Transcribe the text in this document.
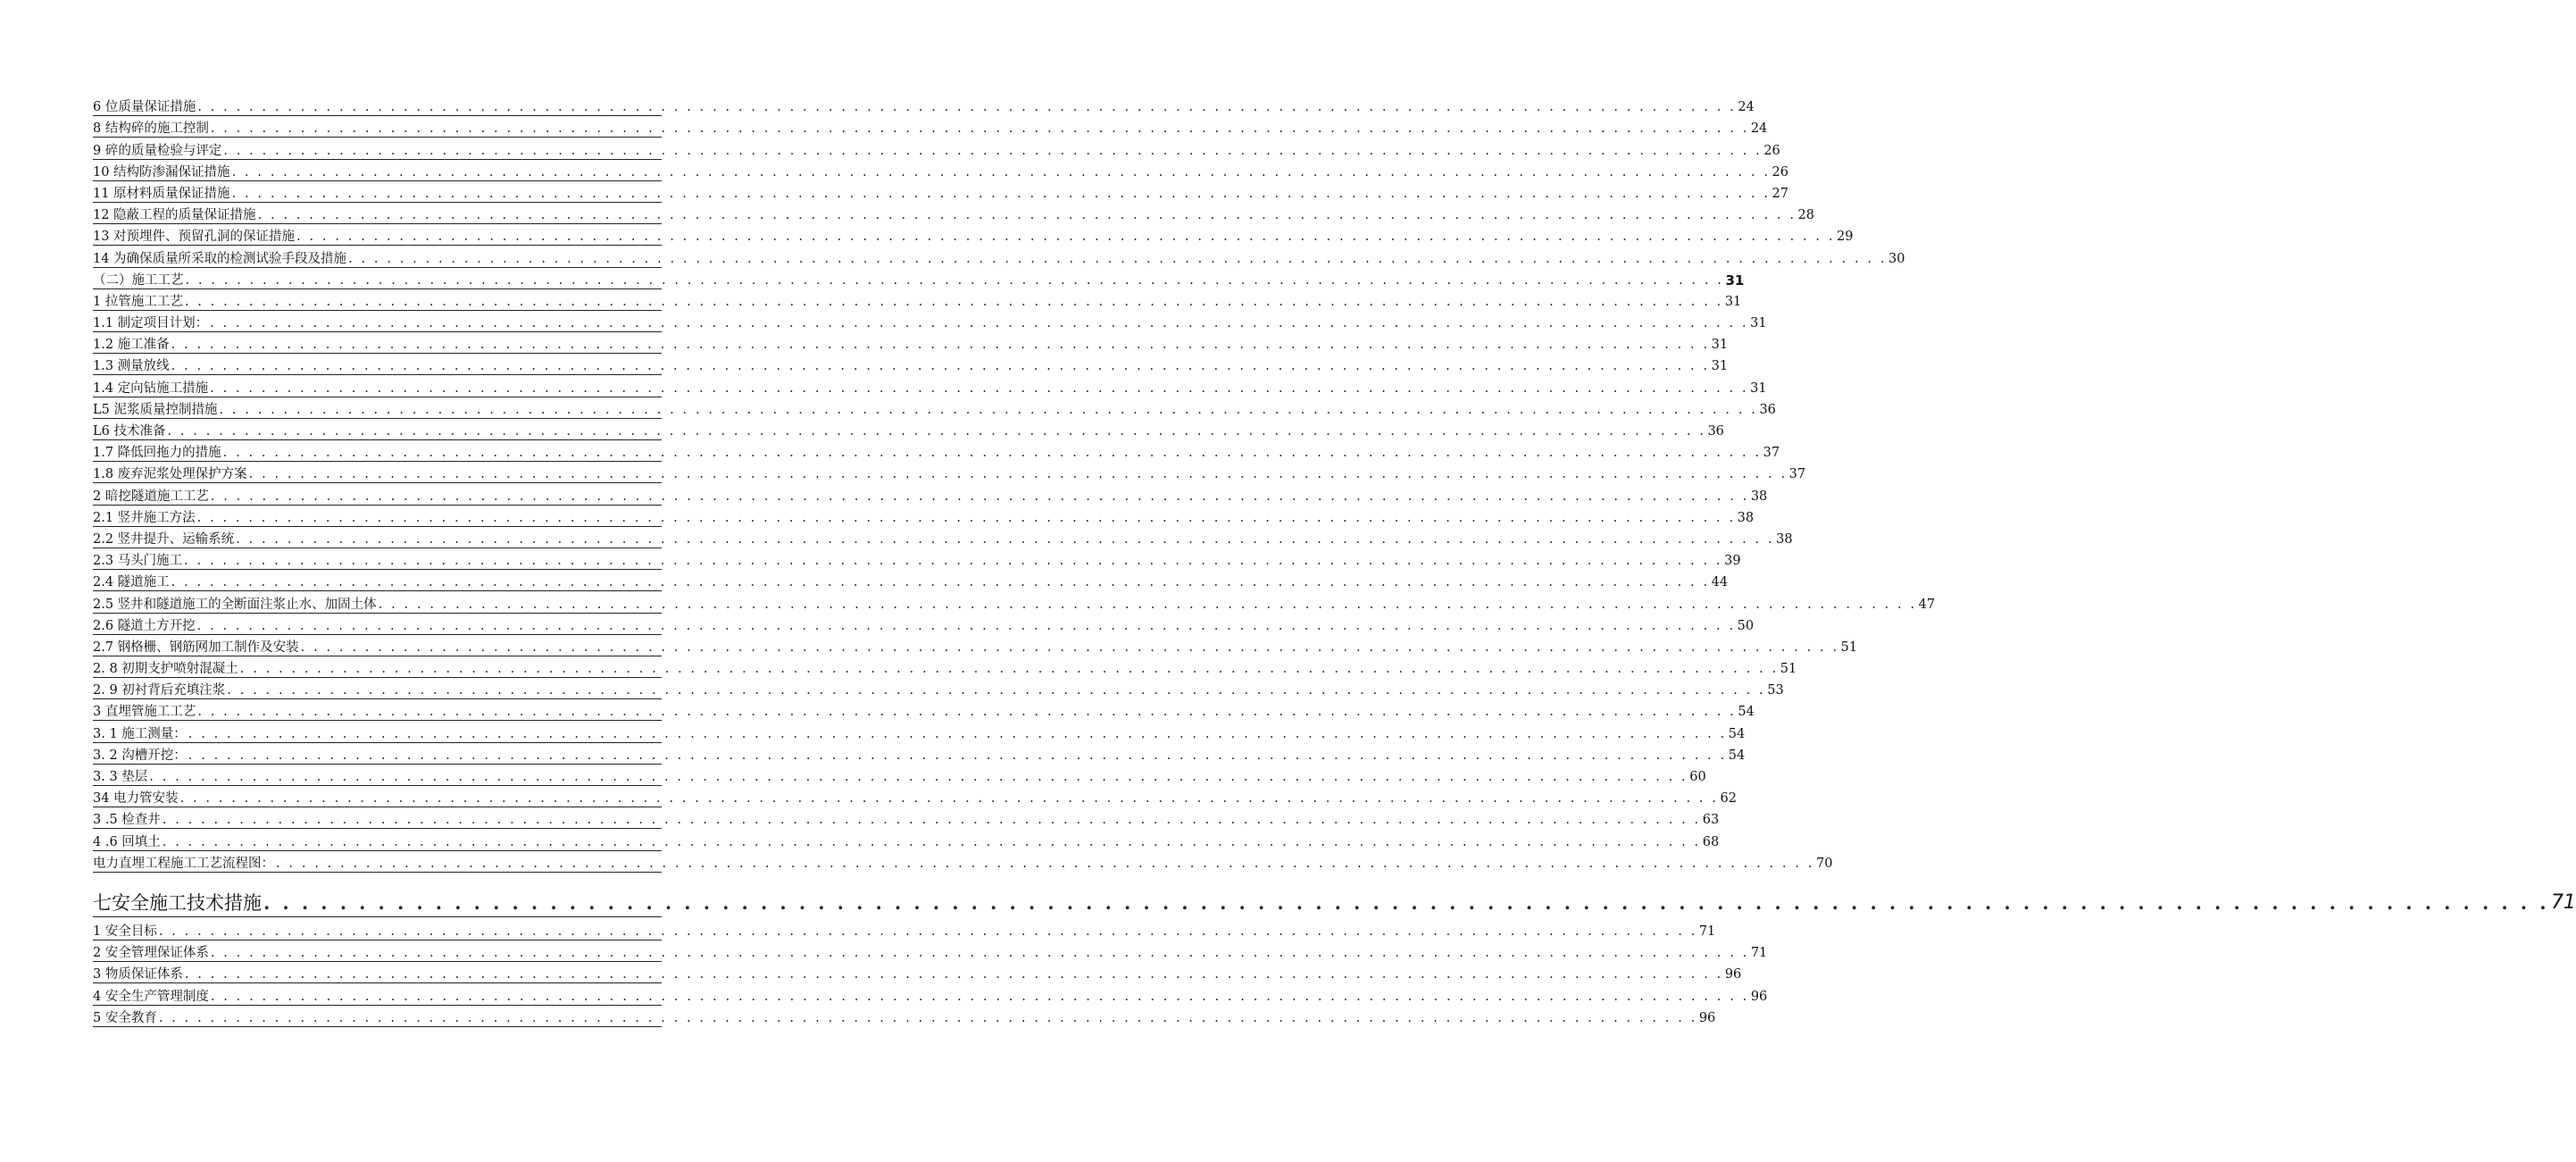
6 位质量保证措施 . . . . . . . . . . . . . . . . . . . . . . . . . . . . . . . . . . . . . . . . . . . . . . . . . . . . . . . . . . . . . . . . . . . . . . . . . . . . . . . . . . . . . . . . . . . . . . . . . . . . . . . . . . . . . . . . . . . . . . . . 24
8 结构碎的施工控制 . . . . . . . . . . . . . . . . . . . . . . . . . . . . . . . . . . . . . . . . . . . . . . . . . . . . . . . . . . . . . . . . . . . . . . . . . . . . . . . . . . . . . . . . . . . . . . . . . . . . . . . . . . . . . . . . . . . . . . . . 24
9 碎的质量检验与评定 . . . . . . . . . . . . . . . . . . . . . . . . . . . . . . . . . . . . . . . . . . . . . . . . . . . . . . . . . . . . . . . . . . . . . . . . . . . . . . . . . . . . . . . . . . . . . . . . . . . . . . . . . . . . . . . . . . . . . . . . 26
10 结构防渗漏保证措施 . . . . . . . . . . . . . . . . . . . . . . . . . . . . . . . . . . . . . . . . . . . . . . . . . . . . . . . . . . . . . . . . . . . . . . . . . . . . . . . . . . . . . . . . . . . . . . . . . . . . . . . . . . . . . . . . . . . . . . . . 26
11 原材料质量保证措施 . . . . . . . . . . . . . . . . . . . . . . . . . . . . . . . . . . . . . . . . . . . . . . . . . . . . . . . . . . . . . . . . . . . . . . . . . . . . . . . . . . . . . . . . . . . . . . . . . . . . . . . . . . . . . . . . . . . . . . . . 27
12 隐蔽工程的质量保证措施 . . . . . . . . . . . . . . . . . . . . . . . . . . . . . . . . . . . . . . . . . . . . . . . . . . . . . . . . . . . . . . . . . . . . . . . . . . . . . . . . . . . . . . . . . . . . . . . . . . . . . . . . . . . . . . . . . . . . . . . . 28
13 对预埋件、预留孔洞的保证措施 . . . . . . . . . . . . . . . . . . . . . . . . . . . . . . . . . . . . . . . . . . . . . . . . . . . . . . . . . . . . . . . . . . . . . . . . . . . . . . . . . . . . . . . . . . . . . . . . . . . . . . . . . . . . . . . . . . . . . . . . 29
14 为确保质量所采取的检测试验手段及措施 . . . . . . . . . . . . . . . . . . . . . . . . . . . . . . . . . . . . . . . . . . . . . . . . . . . . . . . . . . . . . . . . . . . . . . . . . . . . . . . . . . . . . . . . . . . . . . . . . . . . . . . . . . . . . . . . . . . . . . . . 30
（二）施工工艺 . . . . . . . . . . . . . . . . . . . . . . . . . . . . . . . . . . . . . . . . . . . . . . . . . . . . . . . . . . . . . . . . . . . . . . . . . . . . . . . . . . . . . . . . . . . . . . . . . . . . . . . . . . . . . . . . . . . . . . . . 31
1 拉管施工工艺 . . . . . . . . . . . . . . . . . . . . . . . . . . . . . . . . . . . . . . . . . . . . . . . . . . . . . . . . . . . . . . . . . . . . . . . . . . . . . . . . . . . . . . . . . . . . . . . . . . . . . . . . . . . . . . . . . . . . . . . . 31
1.1 制定项目计划： . . . . . . . . . . . . . . . . . . . . . . . . . . . . . . . . . . . . . . . . . . . . . . . . . . . . . . . . . . . . . . . . . . . . . . . . . . . . . . . . . . . . . . . . . . . . . . . . . . . . . . . . . . . . . . . . . . . . . . . . 31
1.2 施工准备 . . . . . . . . . . . . . . . . . . . . . . . . . . . . . . . . . . . . . . . . . . . . . . . . . . . . . . . . . . . . . . . . . . . . . . . . . . . . . . . . . . . . . . . . . . . . . . . . . . . . . . . . . . . . . . . . . . . . . . . . 31
1.3 测量放线 . . . . . . . . . . . . . . . . . . . . . . . . . . . . . . . . . . . . . . . . . . . . . . . . . . . . . . . . . . . . . . . . . . . . . . . . . . . . . . . . . . . . . . . . . . . . . . . . . . . . . . . . . . . . . . . . . . . . . . . . 31
1.4 定向钻施工措施 . . . . . . . . . . . . . . . . . . . . . . . . . . . . . . . . . . . . . . . . . . . . . . . . . . . . . . . . . . . . . . . . . . . . . . . . . . . . . . . . . . . . . . . . . . . . . . . . . . . . . . . . . . . . . . . . . . . . . . . . 31
L5 泥浆质量控制措施 . . . . . . . . . . . . . . . . . . . . . . . . . . . . . . . . . . . . . . . . . . . . . . . . . . . . . . . . . . . . . . . . . . . . . . . . . . . . . . . . . . . . . . . . . . . . . . . . . . . . . . . . . . . . . . . . . . . . . . . . 36
L6 技术准备 . . . . . . . . . . . . . . . . . . . . . . . . . . . . . . . . . . . . . . . . . . . . . . . . . . . . . . . . . . . . . . . . . . . . . . . . . . . . . . . . . . . . . . . . . . . . . . . . . . . . . . . . . . . . . . . . . . . . . . . . 36
1.7 降低回拖力的措施 . . . . . . . . . . . . . . . . . . . . . . . . . . . . . . . . . . . . . . . . . . . . . . . . . . . . . . . . . . . . . . . . . . . . . . . . . . . . . . . . . . . . . . . . . . . . . . . . . . . . . . . . . . . . . . . . . . . . . . . . 37
1.8 废弃泥浆处理保护方案 . . . . . . . . . . . . . . . . . . . . . . . . . . . . . . . . . . . . . . . . . . . . . . . . . . . . . . . . . . . . . . . . . . . . . . . . . . . . . . . . . . . . . . . . . . . . . . . . . . . . . . . . . . . . . . . . . . . . . . . . 37
2 暗挖隧道施工工艺 . . . . . . . . . . . . . . . . . . . . . . . . . . . . . . . . . . . . . . . . . . . . . . . . . . . . . . . . . . . . . . . . . . . . . . . . . . . . . . . . . . . . . . . . . . . . . . . . . . . . . . . . . . . . . . . . . . . . . . . . 38
2.1 竖井施工方法 . . . . . . . . . . . . . . . . . . . . . . . . . . . . . . . . . . . . . . . . . . . . . . . . . . . . . . . . . . . . . . . . . . . . . . . . . . . . . . . . . . . . . . . . . . . . . . . . . . . . . . . . . . . . . . . . . . . . . . . . 38
2.2 竖井提升、运输系统 . . . . . . . . . . . . . . . . . . . . . . . . . . . . . . . . . . . . . . . . . . . . . . . . . . . . . . . . . . . . . . . . . . . . . . . . . . . . . . . . . . . . . . . . . . . . . . . . . . . . . . . . . . . . . . . . . . . . . . . . 38
2.3 马头门施工 . . . . . . . . . . . . . . . . . . . . . . . . . . . . . . . . . . . . . . . . . . . . . . . . . . . . . . . . . . . . . . . . . . . . . . . . . . . . . . . . . . . . . . . . . . . . . . . . . . . . . . . . . . . . . . . . . . . . . . . . 39
2.4 隧道施工 . . . . . . . . . . . . . . . . . . . . . . . . . . . . . . . . . . . . . . . . . . . . . . . . . . . . . . . . . . . . . . . . . . . . . . . . . . . . . . . . . . . . . . . . . . . . . . . . . . . . . . . . . . . . . . . . . . . . . . . . 44
2.5 竖井和隧道施工的全断面注浆止水、加固土体 . . . . . . . . . . . . . . . . . . . . . . . . . . . . . . . . . . . . . . . . . . . . . . . . . . . . . . . . . . . . . . . . . . . . . . . . . . . . . . . . . . . . . . . . . . . . . . . . . . . . . . . . . . . . . . . . . . . . . . . . 47
2.6 隧道土方开挖 . . . . . . . . . . . . . . . . . . . . . . . . . . . . . . . . . . . . . . . . . . . . . . . . . . . . . . . . . . . . . . . . . . . . . . . . . . . . . . . . . . . . . . . . . . . . . . . . . . . . . . . . . . . . . . . . . . . . . . . . 50
2.7 钢格栅、钢筋网加工制作及安装 . . . . . . . . . . . . . . . . . . . . . . . . . . . . . . . . . . . . . . . . . . . . . . . . . . . . . . . . . . . . . . . . . . . . . . . . . . . . . . . . . . . . . . . . . . . . . . . . . . . . . . . . . . . . . . . . . . . . . . . . 51
2. 8 初期支护喷射混凝土 . . . . . . . . . . . . . . . . . . . . . . . . . . . . . . . . . . . . . . . . . . . . . . . . . . . . . . . . . . . . . . . . . . . . . . . . . . . . . . . . . . . . . . . . . . . . . . . . . . . . . . . . . . . . . . . . . . . . . . . . 51
2. 9 初衬背后充填注浆 . . . . . . . . . . . . . . . . . . . . . . . . . . . . . . . . . . . . . . . . . . . . . . . . . . . . . . . . . . . . . . . . . . . . . . . . . . . . . . . . . . . . . . . . . . . . . . . . . . . . . . . . . . . . . . . . . . . . . . . . 53
3 直埋管施工工艺 . . . . . . . . . . . . . . . . . . . . . . . . . . . . . . . . . . . . . . . . . . . . . . . . . . . . . . . . . . . . . . . . . . . . . . . . . . . . . . . . . . . . . . . . . . . . . . . . . . . . . . . . . . . . . . . . . . . . . . . . 54
3. 1 施工测量： . . . . . . . . . . . . . . . . . . . . . . . . . . . . . . . . . . . . . . . . . . . . . . . . . . . . . . . . . . . . . . . . . . . . . . . . . . . . . . . . . . . . . . . . . . . . . . . . . . . . . . . . . . . . . . . . . . . . . . . . 54
3. 2 沟槽开挖： . . . . . . . . . . . . . . . . . . . . . . . . . . . . . . . . . . . . . . . . . . . . . . . . . . . . . . . . . . . . . . . . . . . . . . . . . . . . . . . . . . . . . . . . . . . . . . . . . . . . . . . . . . . . . . . . . . . . . . . . 54
3. 3 垫层 . . . . . . . . . . . . . . . . . . . . . . . . . . . . . . . . . . . . . . . . . . . . . . . . . . . . . . . . . . . . . . . . . . . . . . . . . . . . . . . . . . . . . . . . . . . . . . . . . . . . . . . . . . . . . . . . . . . . . . . . 60
34 电力管安装 . . . . . . . . . . . . . . . . . . . . . . . . . . . . . . . . . . . . . . . . . . . . . . . . . . . . . . . . . . . . . . . . . . . . . . . . . . . . . . . . . . . . . . . . . . . . . . . . . . . . . . . . . . . . . . . . . . . . . . . . 62
3 .5 检查井 . . . . . . . . . . . . . . . . . . . . . . . . . . . . . . . . . . . . . . . . . . . . . . . . . . . . . . . . . . . . . . . . . . . . . . . . . . . . . . . . . . . . . . . . . . . . . . . . . . . . . . . . . . . . . . . . . . . . . . . . 63
4 .6 回填土 . . . . . . . . . . . . . . . . . . . . . . . . . . . . . . . . . . . . . . . . . . . . . . . . . . . . . . . . . . . . . . . . . . . . . . . . . . . . . . . . . . . . . . . . . . . . . . . . . . . . . . . . . . . . . . . . . . . . . . . . 68
电力直埋工程施工工艺流程图： . . . . . . . . . . . . . . . . . . . . . . . . . . . . . . . . . . . . . . . . . . . . . . . . . . . . . . . . . . . . . . . . . . . . . . . . . . . . . . . . . . . . . . . . . . . . . . . . . . . . . . . . . . . . . . . . . . . . . . . . 70
七安全施工技术措施 . . . . . . . . . . . . . . . . . . . . . . . . . . . . . . . . . . . . . . . . . . . . . . . . . . . . . . . . . . . . . . . . . . . . . . . . . . . . . . . . . . . . . . . . . . . . . . . . . . . . . . . . . . . . . . . . . . . . . . . . 71
1 安全目标 . . . . . . . . . . . . . . . . . . . . . . . . . . . . . . . . . . . . . . . . . . . . . . . . . . . . . . . . . . . . . . . . . . . . . . . . . . . . . . . . . . . . . . . . . . . . . . . . . . . . . . . . . . . . . . . . . . . . . . . . 71
2 安全管理保证体系 . . . . . . . . . . . . . . . . . . . . . . . . . . . . . . . . . . . . . . . . . . . . . . . . . . . . . . . . . . . . . . . . . . . . . . . . . . . . . . . . . . . . . . . . . . . . . . . . . . . . . . . . . . . . . . . . . . . . . . . . 71
3 物质保证体系 . . . . . . . . . . . . . . . . . . . . . . . . . . . . . . . . . . . . . . . . . . . . . . . . . . . . . . . . . . . . . . . . . . . . . . . . . . . . . . . . . . . . . . . . . . . . . . . . . . . . . . . . . . . . . . . . . . . . . . . . 96
4 安全生产管理制度 . . . . . . . . . . . . . . . . . . . . . . . . . . . . . . . . . . . . . . . . . . . . . . . . . . . . . . . . . . . . . . . . . . . . . . . . . . . . . . . . . . . . . . . . . . . . . . . . . . . . . . . . . . . . . . . . . . . . . . . . 96
5 安全教育 . . . . . . . . . . . . . . . . . . . . . . . . . . . . . . . . . . . . . . . . . . . . . . . . . . . . . . . . . . . . . . . . . . . . . . . . . . . . . . . . . . . . . . . . . . . . . . . . . . . . . . . . . . . . . . . . . . . . . . . . 96
